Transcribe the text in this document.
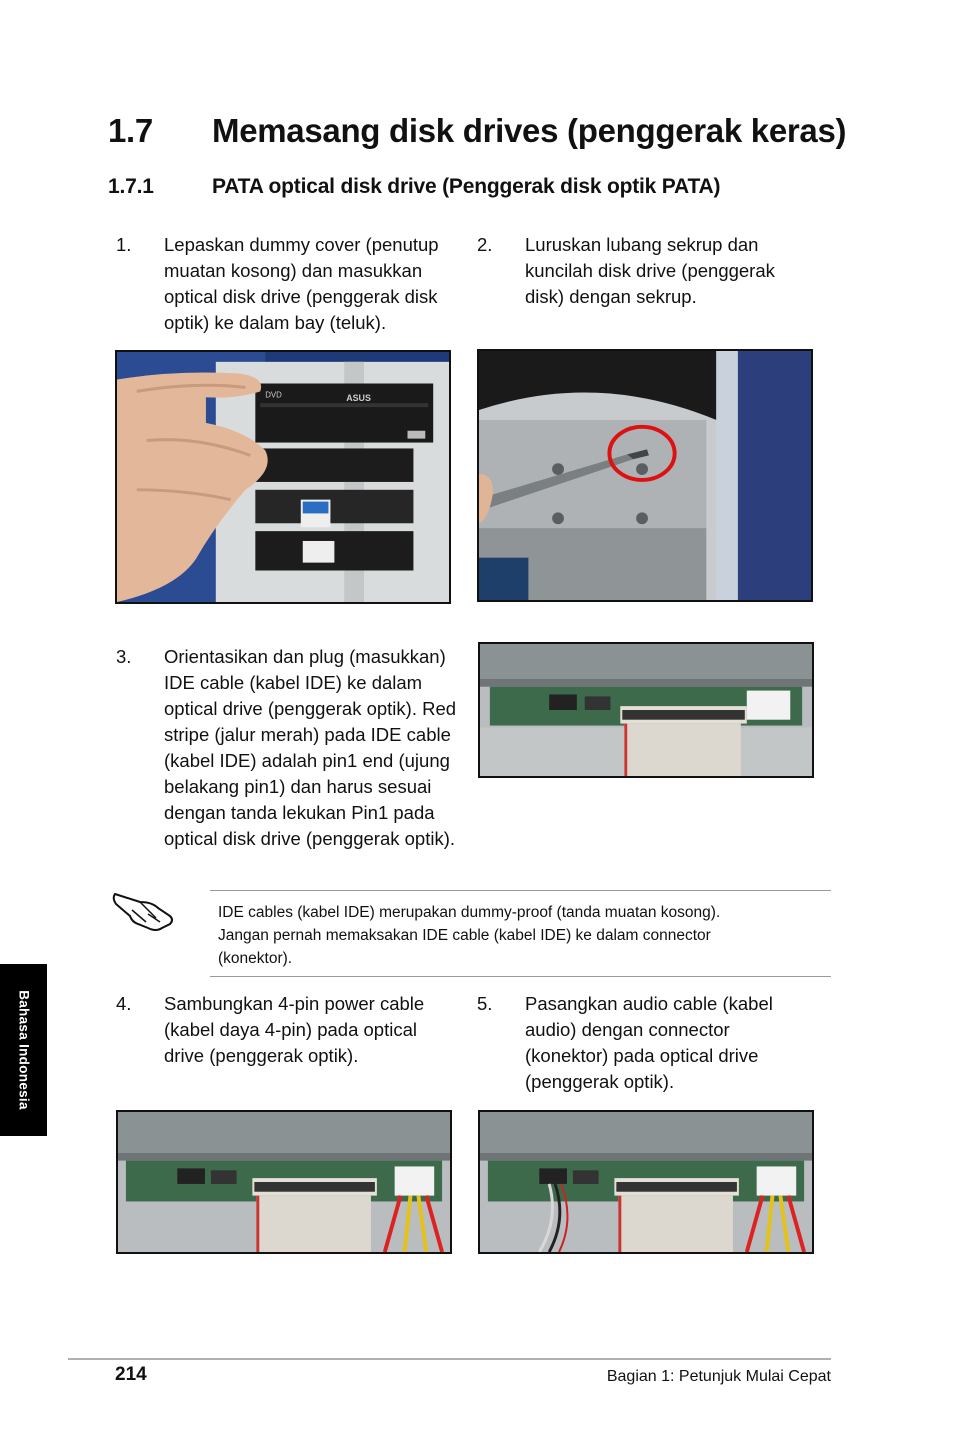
1.7 Memasang disk drives (penggerak keras)
1.7.1	PATA optical disk drive (Penggerak disk optik PATA)
1. Lepaskan dummy cover (penutup
muatan kosong) dan masukkan
optical disk drive (penggerak disk
optik) ke dalam bay (teluk).
2. Luruskan lubang sekrup dan
kuncilah disk drive (penggerak
disk) dengan sekrup.
DVD	ASUS
3. Orientasikan dan plug (masukkan)
IDE cable (kabel IDE) ke dalam
optical drive (penggerak optik). Red
stripe (jalur merah) pada IDE cable
(kabel IDE) adalah pin1 end (ujung
belakang pin1) dan harus sesuai
dengan tanda lekukan Pin1 pada
optical disk drive (penggerak optik).
IDE cables (kabel IDE) merupakan dummy-proof (tanda muatan kosong).
Jangan pernah memaksakan IDE cable (kabel IDE) ke dalam connector
(konektor).
Bahasa Indonesia	4. Sambungkan 4-pin power cable
(kabel daya 4-pin) pada optical
drive (penggerak optik).
5. Pasangkan audio cable (kabel
audio) dengan connector
(konektor) pada optical drive
(penggerak optik).
214	Bagian 1: Petunjuk Mulai Cepat
